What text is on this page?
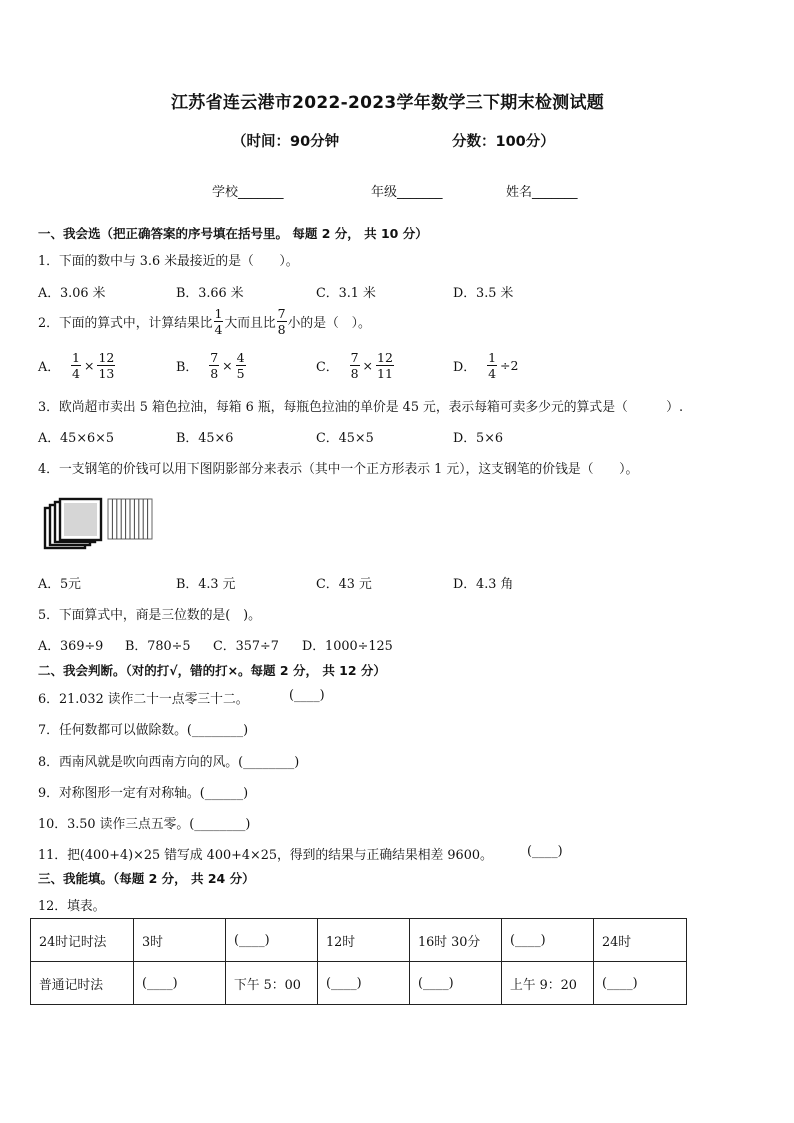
江苏省连云港市2022-2023学年数学三下期末检测试题
（时间：90分钟	分数：100分）
学校_______	年级_______	姓名_______
一、我会选（把正确答案的序号填在括号里。 每题 2 分， 共 10 分）
1．下面的数中与 3.6 米最接近的是（　　）。
A．3.06 米	B．3.66 米	C．3.1 米	D．3.5 米
2．下面的算式中，计算结果比 $\frac{1}{4}$ 大而且比 $\frac{7}{8}$ 小的是（　）。
A． $\frac{1}{4} \times \frac{12}{13}$	B． $\frac{7}{8} \times \frac{4}{5}$	C． $\frac{7}{8} \times \frac{12}{11}$	D． $\frac{1}{4} \div 2$
3．欧尚超市卖出 5 箱色拉油，每箱 6 瓶，每瓶色拉油的单价是 45 元，表示每箱可卖多少元的算式是（　　　）.
A．45×6×5	B．45×6	C．45×5	D．5×6
4．一支钢笔的价钱可以用下图阴影部分来表示（其中一个正方形表示 1 元），这支钢笔的价钱是（　　）。
A．5元	B．4.3 元	C．43 元	D．4.3 角
5．下面算式中，商是三位数的是(　)。
A．369÷9 B．780÷5 C．357÷7 D．1000÷125
二、我会判断。（对的打√，错的打×。每题 2 分， 共 12 分）
6．21.032 读作二十一点零三十二。	(____)
7．任何数都可以做除数。(________)
8．西南风就是吹向西南方向的风。(________)
9．对称图形一定有对称轴。(______)
10．3.50 读作三点五零。(________)
11．把(400+4)×25 错写成 400+4×25，得到的结果与正确结果相差 9600。	(____)
三、我能填。（每题 2 分， 共 24 分）
12．填表。
24时记时法	3时	(____)	12时	16时 30分	(____)	24时
普通记时法	(____)	下午 5：00	(____)	(____)	上午 9：20	(____)
